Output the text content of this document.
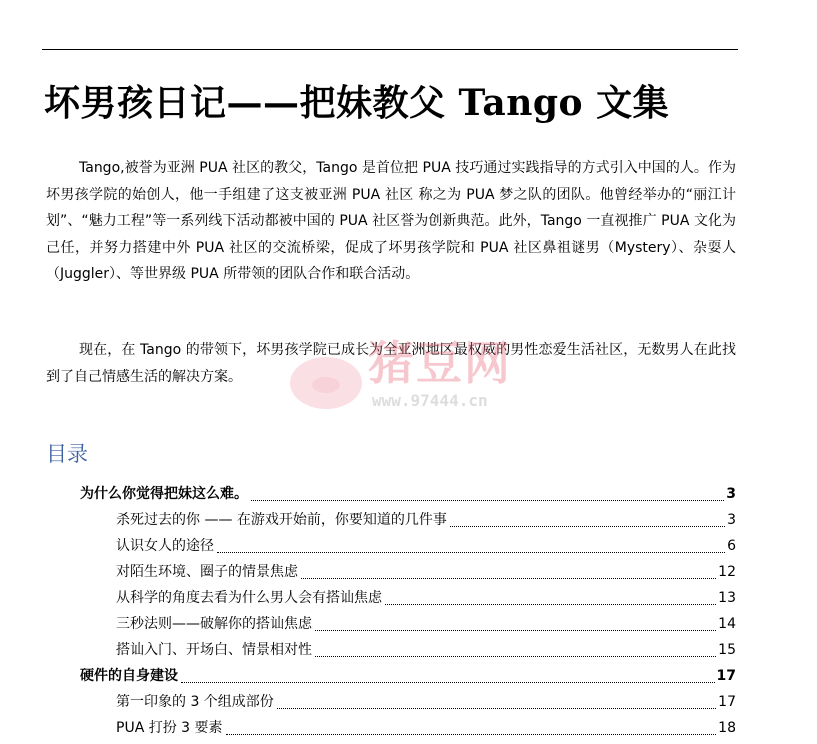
坏男孩日记——把妹教父 Tango 文集

Tango,被誉为亚洲 PUA 社区的教父，Tango 是首位把 PUA 技巧通过实践指导的方式引入中国的人。作为坏男孩学院的始创人，他一手组建了这支被亚洲 PUA 社区 称之为 PUA 梦之队的团队。他曾经举办的“丽江计划”、“魅力工程”等一系列线下活动都被中国的 PUA 社区誉为创新典范。此外，Tango 一直视推广 PUA 文化为己任，并努力搭建中外 PUA 社区的交流桥梁，促成了坏男孩学院和 PUA 社区鼻祖谜男（Mystery）、杂耍人（Juggler）、等世界级 PUA 所带领的团队合作和联合活动。

现在，在 Tango 的带领下，坏男孩学院已成长为全亚洲地区最权威的男性恋爱生活社区，无数男人在此找到了自己情感生活的解决方案。	猪豆网
www.97444.cn
目录
为什么你觉得把妹这么难。	3
杀死过去的你 —— 在游戏开始前，你要知道的几件事	3
认识女人的途径	6
对陌生环境、圈子的情景焦虑	12
从科学的角度去看为什么男人会有搭讪焦虑	13
三秒法则——破解你的搭讪焦虑	14
搭讪入门、开场白、情景相对性	15
硬件的自身建设	17
第一印象的 3 个组成部份	17
PUA 打扮 3 要素	18
